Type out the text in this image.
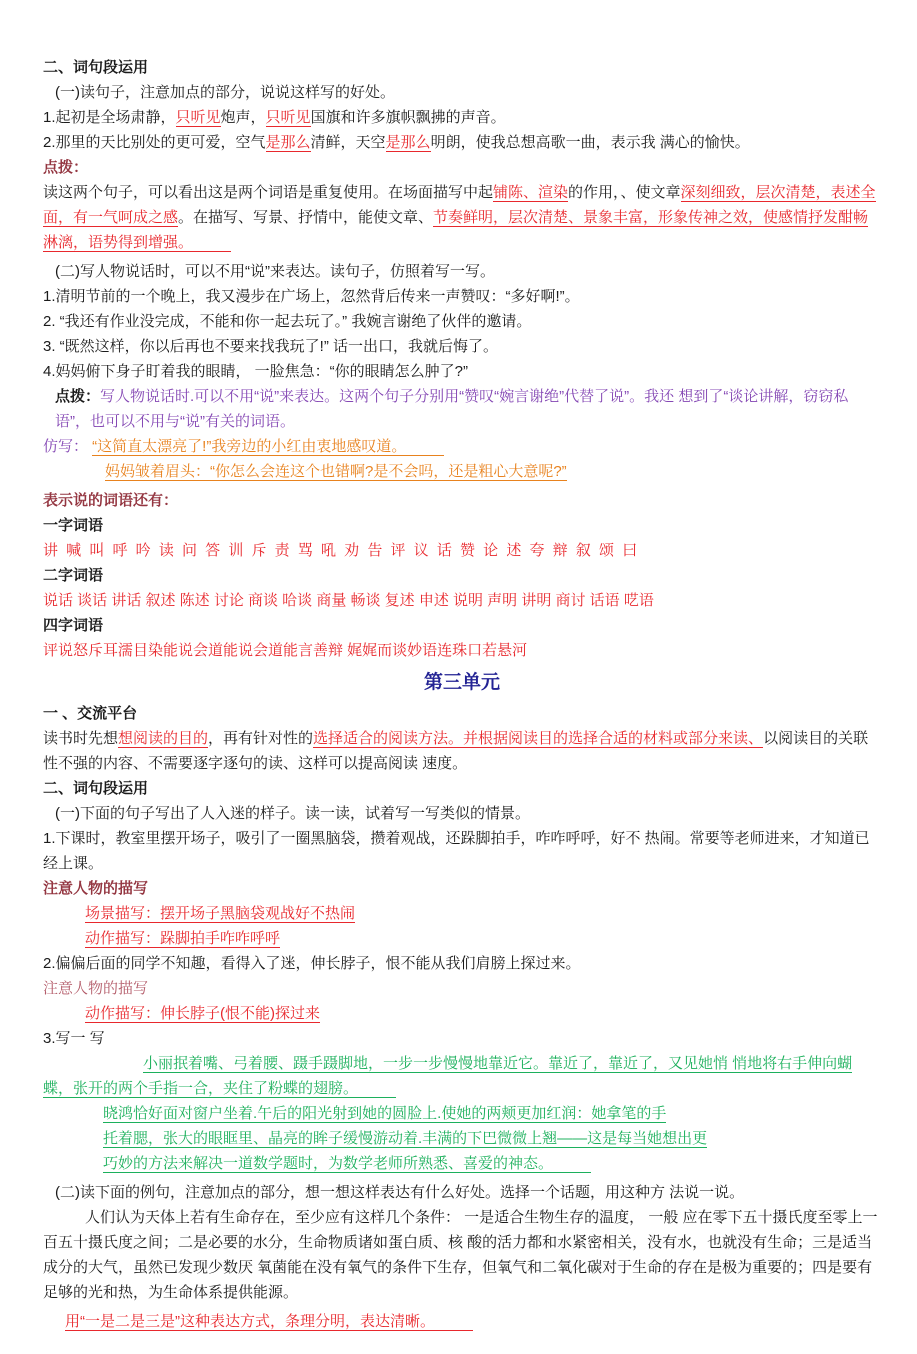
二、词句段运用

(一)读句子，注意加点的部分，说说这样写的好处。

1.起初是全场肃静，只听见炮声，只听见国旗和许多旗帜飘拂的声音。

2.那里的天比别处的更可爱，空气是那么清鲜，天空是那么明朗，使我总想高歌一曲，表示我 满心的愉快。

点拨：

读这两个句子，可以看出这是两个词语是重复使用。在场面描写中起铺陈、渲染的作用，、使文章深刻细致，层次清楚，表述全面，有一气呵成之感。在描写、写景、抒情中，能使文章、节奏鲜明，层次清楚、景象丰富，形象传神之效，使感情抒发酣畅淋漓，语势得到增强。

(二)写人物说话时，可以不用“说”来表达。读句子，仿照着写一写。

1.清明节前的一个晚上，我又漫步在广场上，忽然背后传来一声赞叹：“多好啊!”。

2. “我还有作业没完成，不能和你一起去玩了。” 我婉言谢绝了伙伴的邀请。

3. “既然这样，你以后再也不要来找我玩了!” 话一出口，我就后悔了。

4.妈妈俯下身子盯着我的眼睛， 一脸焦急：“你的眼睛怎么肿了?”

点拨：写人物说话时.可以不用“说”来表达。这两个句子分别用“赞叹“婉言谢绝”代替了说”。我还 想到了“谈论讲解，窃窃私语”，也可以不用与“说”有关的词语。

仿写： “这简直太漂亮了!”我旁边的小红由衷地感叹道。

妈妈皱着眉头：“你怎么会连这个也错啊?是不会吗，还是粗心大意呢?”

表示说的词语还有：

一字词语

讲 喊 叫 呼 吟 读 问 答 训 斥 责 骂 吼 劝 告 评 议 话 赞 论 述 夸 辩 叙 颂 曰

二字词语

说话 谈话 讲话 叙述 陈述 讨论 商谈 哈谈 商量 畅谈 复述 申述 说明 声明 讲明 商讨 话语 呓语

四字词语

评说怒斥耳濡目染能说会道能说会道能言善辩 娓娓而谈妙语连珠口若悬河

第三单元

一 、交流平台

读书时先想想阅读的目的，再有针对性的选择适合的阅读方法。并根据阅读目的选择合适的材料或部分来读、以阅读目的关联性不强的内容、不需要逐字逐句的读、这样可以提高阅读 速度。

二、词句段运用

(一)下面的句子写出了人入迷的样子。读一读，试着写一写类似的情景。

1.下课时，教室里摆开场子，吸引了一圈黑脑袋，攒着观战，还跺脚拍手，咋咋呼呼，好不 热闹。常要等老师进来，才知道已经上课。

注意人物的描写

场景描写：摆开场子黑脑袋观战好不热闹

动作描写：跺脚拍手咋咋呼呼

2.偏偏后面的同学不知趣，看得入了迷，伸长脖子，恨不能从我们肩膀上探过来。

注意人物的描写

动作描写：伸长脖子(恨不能)探过来

3.写一 写

小丽抿着嘴、弓着腰、蹑手蹑脚地，一步一步慢慢地靠近它。靠近了，靠近了，又见她悄 悄地将右手伸向蝴蝶，张开的两个手指一合，夹住了粉蝶的翅膀。

晓鸿恰好面对窗户坐着.午后的阳光射到她的圆脸上.使她的两颊更加红润：她拿笔的手

托着腮，张大的眼眶里、晶亮的眸子缓慢游动着.丰满的下巴微微上翘——这是每当她想出更

巧妙的方法来解决一道数学题时，为数学老师所熟悉、喜爱的神态。

(二)读下面的例句，注意加点的部分，想一想这样表达有什么好处。选择一个话题，用这种方 法说一说。

人们认为天体上若有生命存在，至少应有这样几个条件： 一是适合生物生存的温度， 一般 应在零下五十摄氏度至零上一百五十摄氏度之间；二是必要的水分，生命物质诸如蛋白质、核 酸的活力都和水紧密相关，没有水，也就没有生命；三是适当成分的大气，虽然已发现少数厌 氧菌能在没有氧气的条件下生存，但氧气和二氧化碳对于生命的存在是极为重要的；四是要有 足够的光和热，为生命体系提供能源。

用“一是二是三是”这种表达方式，条理分明，表达清晰。
